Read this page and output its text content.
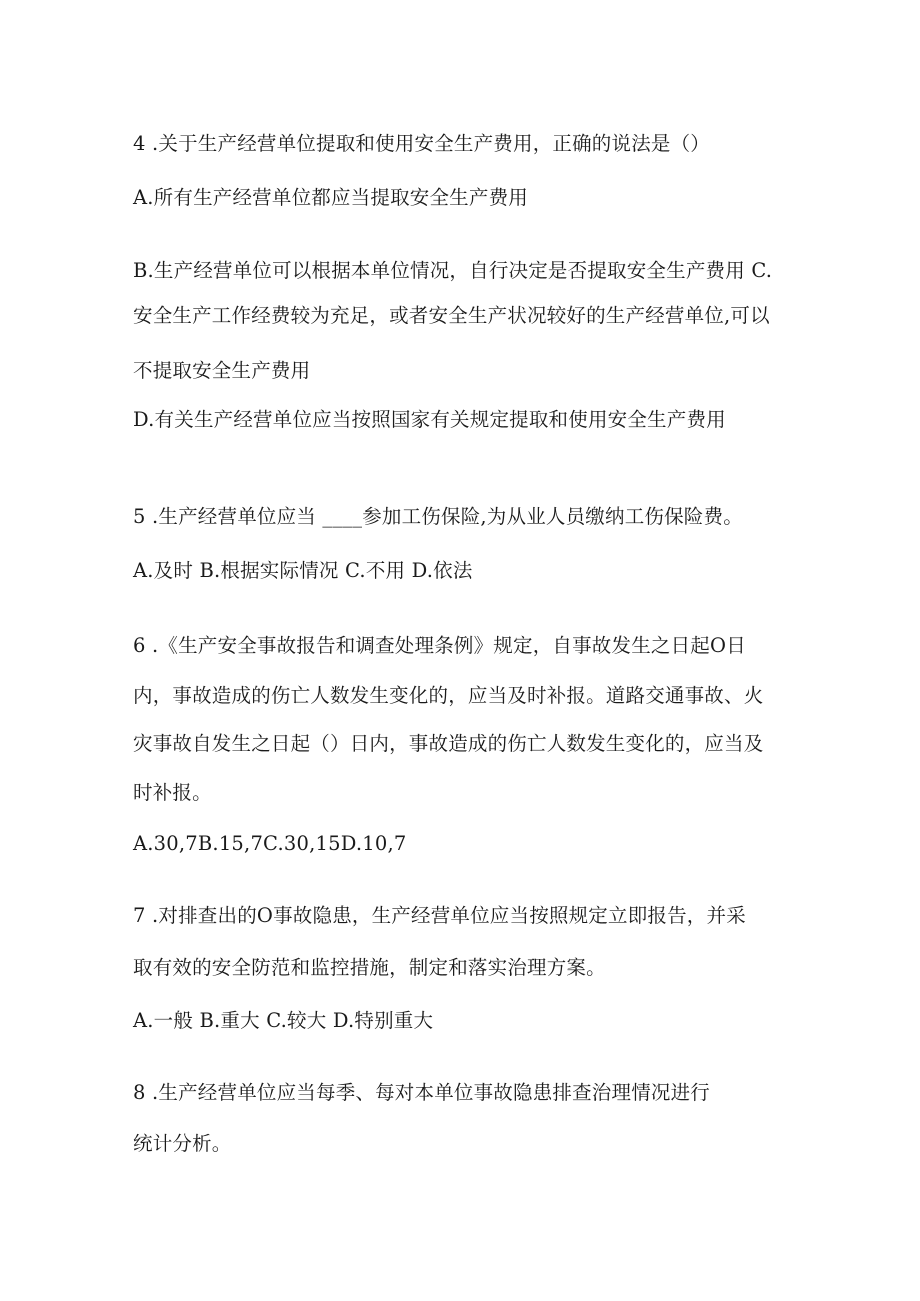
4 .关于生产经营单位提取和使用安全生产费用，正确的说法是（）
A.所有生产经营单位都应当提取安全生产费用
B.生产经营单位可以根据本单位情况，自行决定是否提取安全生产费用 C.
安全生产工作经费较为充足，或者安全生产状况较好的生产经营单位,可以
不提取安全生产费用
D.有关生产经营单位应当按照国家有关规定提取和使用安全生产费用
5 .生产经营单位应当 ____参加工伤保险,为从业人员缴纳工伤保险费。
A.及时 B.根据实际情况 C.不用 D.依法
6 .《生产安全事故报告和调查处理条例》规定，自事故发生之日起O日
内，事故造成的伤亡人数发生变化的，应当及时补报。道路交通事故、火
灾事故自发生之日起（）日内，事故造成的伤亡人数发生变化的，应当及
时补报。
A.30,7B.15,7C.30,15D.10,7
7 .对排查出的O事故隐患，生产经营单位应当按照规定立即报告，并采
取有效的安全防范和监控措施，制定和落实治理方案。
A.一般 B.重大 C.较大 D.特别重大
8 .生产经营单位应当每季、每对本单位事故隐患排查治理情况进行
统计分析。
